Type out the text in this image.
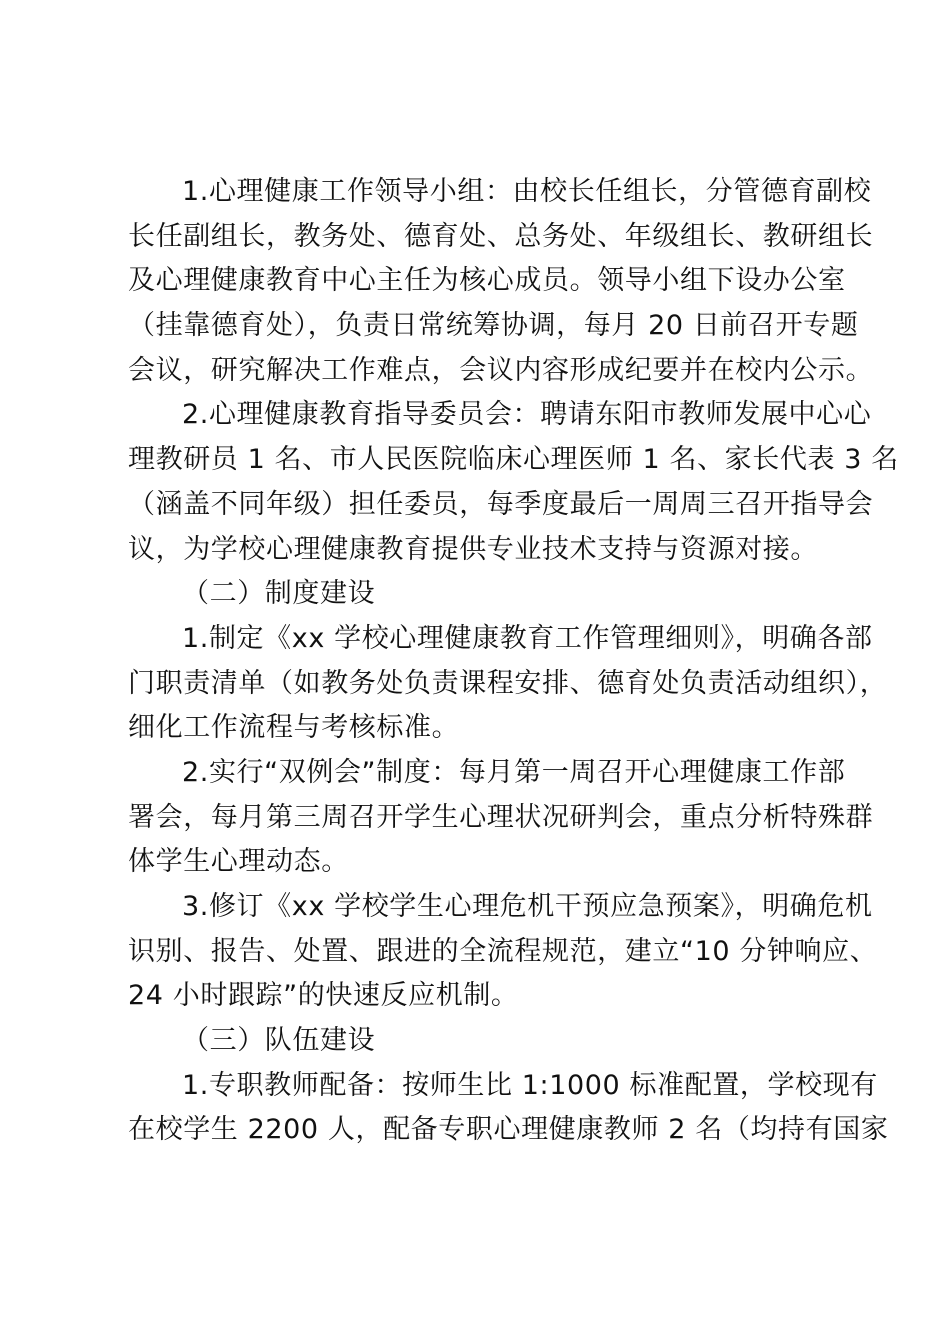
1.心理健康工作领导小组：由校长任组长，分管德育副校
长任副组长，教务处、德育处、总务处、年级组长、教研组长
及心理健康教育中心主任为核心成员。领导小组下设办公室
（挂靠德育处），负责日常统筹协调，每月 20 日前召开专题
会议，研究解决工作难点，会议内容形成纪要并在校内公示。
2.心理健康教育指导委员会：聘请东阳市教师发展中心心
理教研员 1 名、市人民医院临床心理医师 1 名、家长代表 3 名
（涵盖不同年级）担任委员，每季度最后一周周三召开指导会
议，为学校心理健康教育提供专业技术支持与资源对接。
（二）制度建设
1.制定《xx 学校心理健康教育工作管理细则》，明确各部
门职责清单（如教务处负责课程安排、德育处负责活动组织），
细化工作流程与考核标准。
2.实行“双例会”制度：每月第一周召开心理健康工作部
署会，每月第三周召开学生心理状况研判会，重点分析特殊群
体学生心理动态。
3.修订《xx 学校学生心理危机干预应急预案》，明确危机
识别、报告、处置、跟进的全流程规范，建立“10 分钟响应、
24 小时跟踪”的快速反应机制。
（三）队伍建设
1.专职教师配备：按师生比 1:1000 标准配置，学校现有
在校学生 2200 人，配备专职心理健康教师 2 名（均持有国家
